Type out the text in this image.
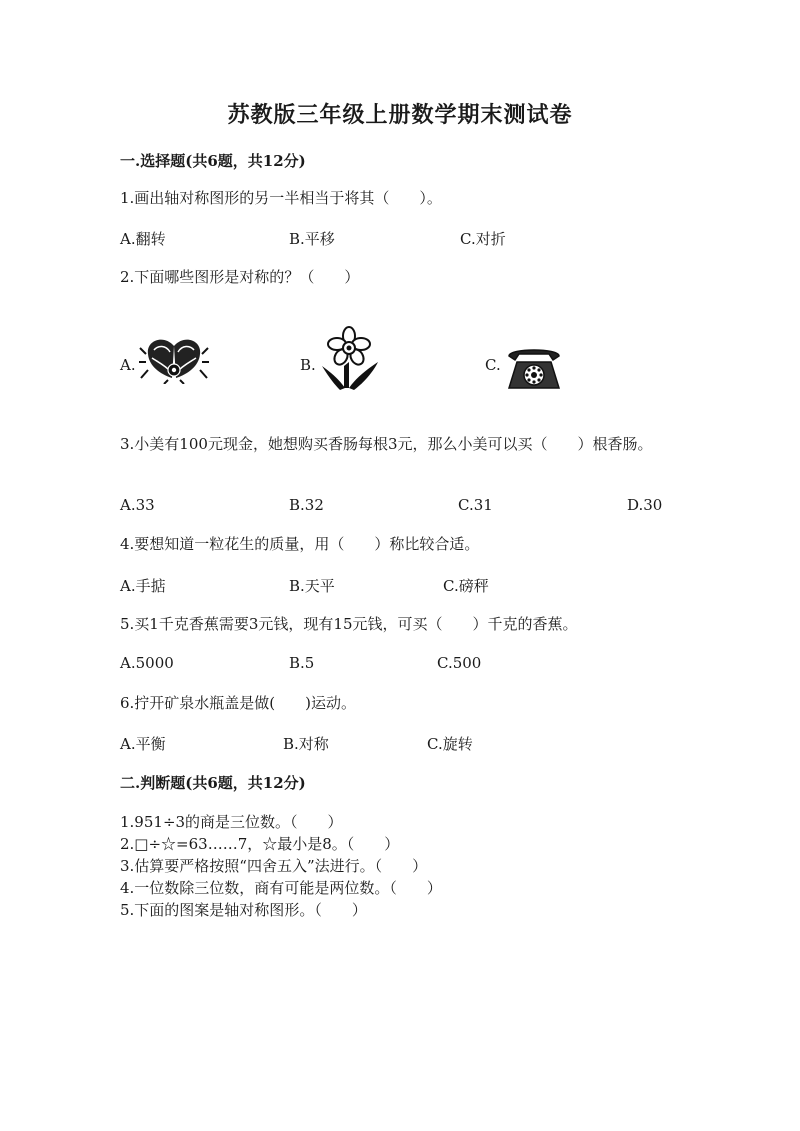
苏教版三年级上册数学期末测试卷
一.选择题(共6题，共12分)
1.画出轴对称图形的另一半相当于将其（　　）。
A.翻转	B.平移	C.对折
2.下面哪些图形是对称的？（　　）
A.	B.	C.
3.小美有100元现金，她想购买香肠每根3元，那么小美可以买（　　）根香肠。
A.33	B.32	C.31	D.30
4.要想知道一粒花生的质量，用（　　）称比较合适。
A.手掂	B.天平	C.磅秤
5.买1千克香蕉需要3元钱，现有15元钱，可买（　　）千克的香蕉。
A.5000	B.5	C.500
6.拧开矿泉水瓶盖是做(　　)运动。
A.平衡	B.对称	C.旋转
二.判断题(共6题，共12分)
1.951÷3的商是三位数。（　　）
2.□÷☆=63……7，☆最小是8。（　　）
3.估算要严格按照“四舍五入”法进行。（　　）
4.一位数除三位数，商有可能是两位数。（　　）
5.下面的图案是轴对称图形。（　　）
